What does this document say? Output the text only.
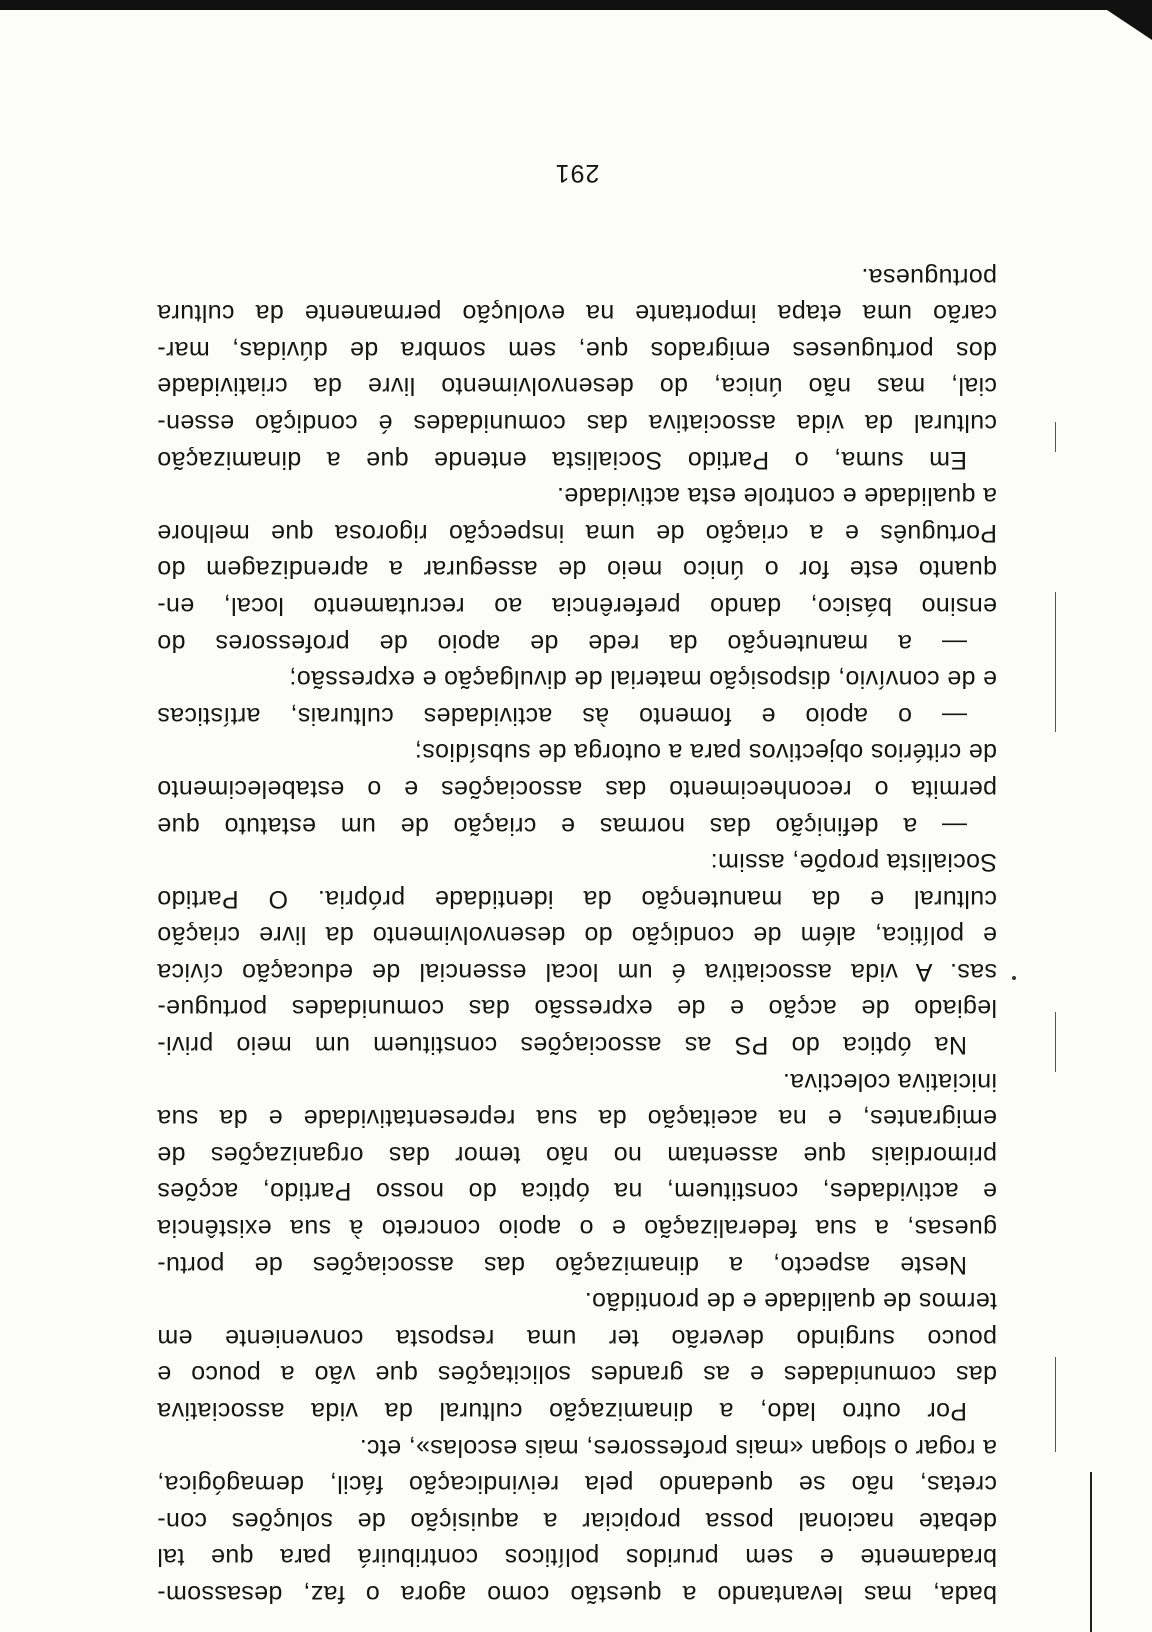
bada, mas levantando a questão como agora o faz, desassom-
bradamente e sem pruridos políticos contribuirá para que tal
debate nacional possa propiciar a aquisição de soluções con-
cretas, não se quedando pela reivindicação fácil, demagógica,
a rogar o slogan «mais professores, mais escolas», etc.
Por outro lado, a dinamização cultural da vida associativa
das comunidades e as grandes solicitações que vão a pouco e
pouco surgindo deverão ter uma resposta conveniente em
termos de qualidade e de prontidão.
Neste aspecto, a dinamização das associações de portu-
guesas, a sua federalização e o apoio concreto à sua existência
e actividades, constituem, na óptica do nosso Partido, acções
primordiais que assentam no não temor das organizações de
emigrantes, e na aceitação da sua representatividade e da sua
iniciativa colectiva.
Na óptica do PS as associações constituem um meio privi-
legiado de acção e de expressão das comunidades portugue-
sas. A vida associativa é um local essencial de educação cívica
e política, além de condição do desenvolvimento da livre criação
cultural e da manutenção da identidade própria. O Partido
Socialista propõe, assim:
— a definição das normas e criação de um estatuto que
permita o reconhecimento das associações e o estabelecimento
de critérios objectivos para a outorga de subsídios;
— o apoio e fomento às actividades culturais, artísticas
e de convívio, disposição material de divulgação e expressão;
— a manutenção da rede de apoio de professores do
ensino básico, dando preferência ao recrutamento local, en-
quanto este for o único meio de assegurar a aprendizagem do
Português e a criação de uma inspecção rigorosa que melhore
a qualidade e controle esta actividade.
Em suma, o Partido Socialista entende que a dinamização
cultural da vida associativa das comunidades é condição essen-
cial, mas não única, do desenvolvimento livre da criatividade
dos portugueses emigrados que, sem sombra de dúvidas, mar-
carão uma etapa importante na evolução permanente da cultura
portuguesa.
291
